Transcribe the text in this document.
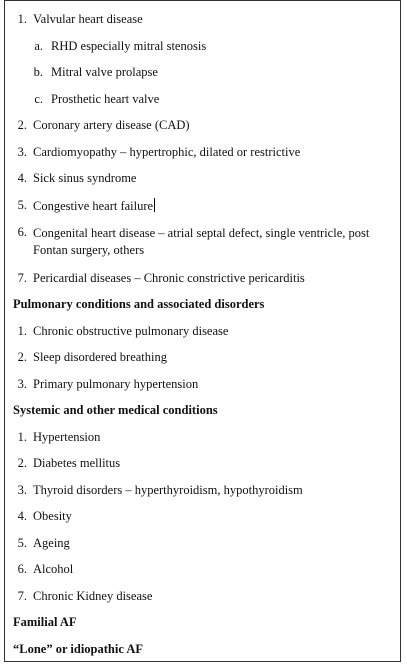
1. Valvular heart disease
a. RHD especially mitral stenosis
b. Mitral valve prolapse
c. Prosthetic heart valve
2. Coronary artery disease (CAD)
3. Cardiomyopathy – hypertrophic, dilated or restrictive
4. Sick sinus syndrome
5. Congestive heart failure
6. Congenital heart disease – atrial septal defect, single ventricle, post Fontan surgery, others
7. Pericardial diseases – Chronic constrictive pericarditis
Pulmonary conditions and associated disorders
1. Chronic obstructive pulmonary disease
2. Sleep disordered breathing
3. Primary pulmonary hypertension
Systemic and other medical conditions
1. Hypertension
2. Diabetes mellitus
3. Thyroid disorders – hyperthyroidism, hypothyroidism
4. Obesity
5. Ageing
6. Alcohol
7. Chronic Kidney disease
Familial AF
“Lone” or idiopathic AF
